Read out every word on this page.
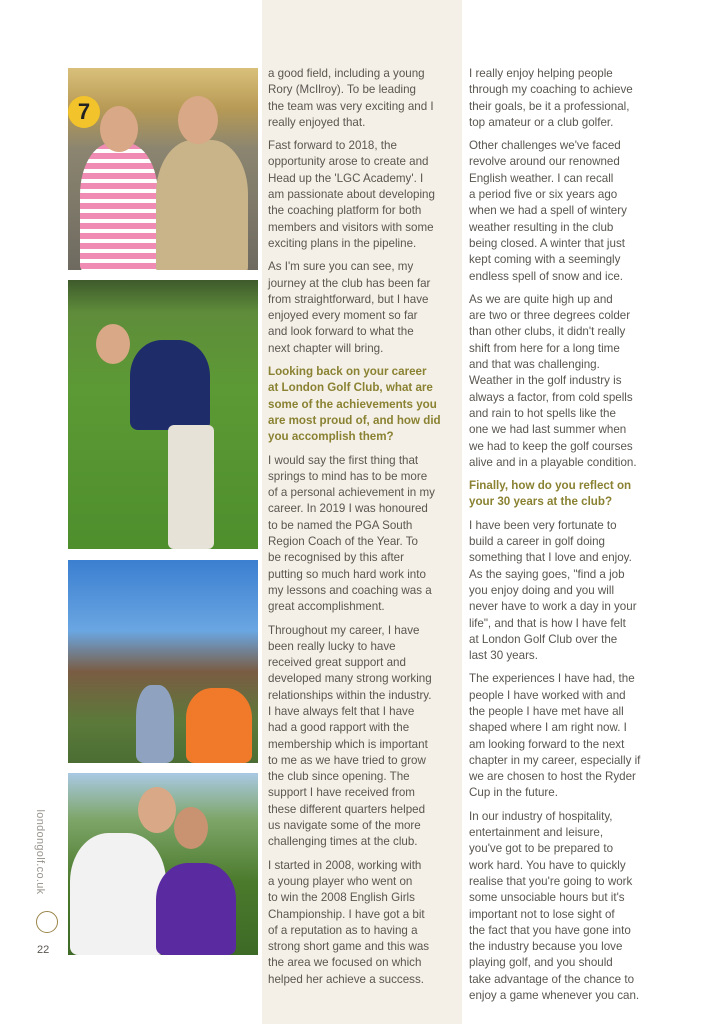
7
a good field, including a young
Rory (McIlroy). To be leading
the team was very exciting and I
really enjoyed that.
Fast forward to 2018, the
opportunity arose to create and
Head up the 'LGC Academy'. I
am passionate about developing
the coaching platform for both
members and visitors with some
exciting plans in the pipeline.
As I'm sure you can see, my
journey at the club has been far
from straightforward, but I have
enjoyed every moment so far
and look forward to what the
next chapter will bring.
Looking back on your career
at London Golf Club, what are
some of the achievements you
are most proud of, and how did
you accomplish them?
I would say the first thing that
springs to mind has to be more
of a personal achievement in my
career. In 2019 I was honoured
to be named the PGA South
Region Coach of the Year. To
be recognised by this after
putting so much hard work into
my lessons and coaching was a
great accomplishment.
Throughout my career, I have
been really lucky to have
received great support and
developed many strong working
relationships within the industry.
I have always felt that I have
had a good rapport with the
membership which is important
to me as we have tried to grow
the club since opening. The
support I have received from
these different quarters helped
us navigate some of the more
challenging times at the club.
I started in 2008, working with
a young player who went on
to win the 2008 English Girls
Championship. I have got a bit
of a reputation as to having a
strong short game and this was
the area we focused on which
helped her achieve a success.
I really enjoy helping people
through my coaching to achieve
their goals, be it a professional,
top amateur or a club golfer.
Other challenges we've faced
revolve around our renowned
English weather. I can recall
a period five or six years ago
when we had a spell of wintery
weather resulting in the club
being closed. A winter that just
kept coming with a seemingly
endless spell of snow and ice.
As we are quite high up and
are two or three degrees colder
than other clubs, it didn't really
shift from here for a long time
and that was challenging.
Weather in the golf industry is
always a factor, from cold spells
and rain to hot spells like the
one we had last summer when
we had to keep the golf courses
alive and in a playable condition.
Finally, how do you reflect on
your 30 years at the club?
I have been very fortunate to
build a career in golf doing
something that I love and enjoy.
As the saying goes, "find a job
you enjoy doing and you will
never have to work a day in your
life", and that is how I have felt
at London Golf Club over the
last 30 years.
The experiences I have had, the
people I have worked with and
the people I have met have all
shaped where I am right now. I
am looking forward to the next
chapter in my career, especially if
we are chosen to host the Ryder
Cup in the future.
In our industry of hospitality,
entertainment and leisure,
you've got to be prepared to
work hard. You have to quickly
realise that you're going to work
some unsociable hours but it's
important not to lose sight of
the fact that you have gone into
the industry because you love
playing golf, and you should
take advantage of the chance to
enjoy a game whenever you can.
londongolf.co.uk
22
